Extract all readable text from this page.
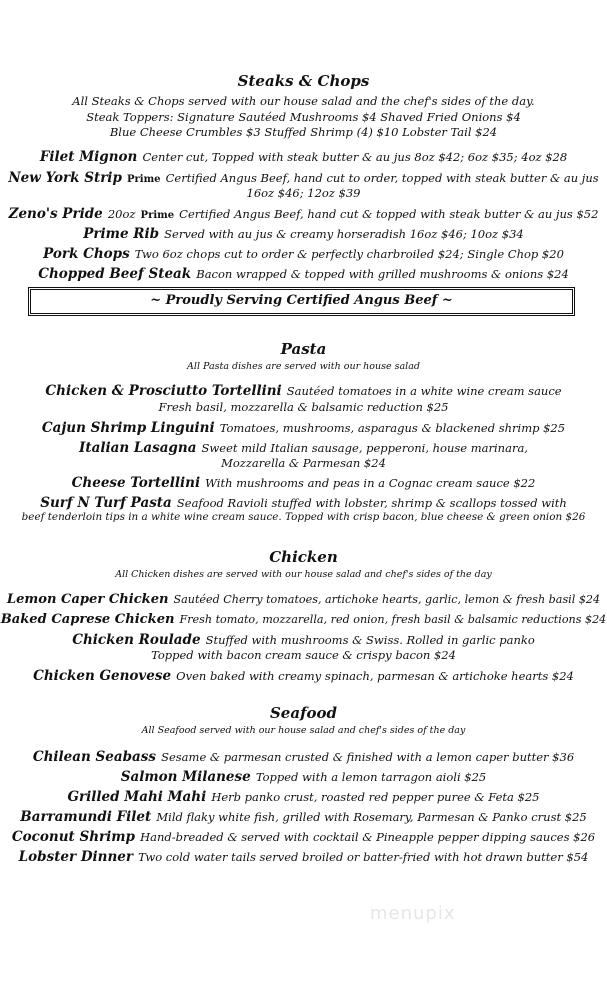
Steaks & Chops
All Steaks & Chops served with our house salad and the chef's sides of the day.
Steak Toppers: Signature Sautéed Mushrooms $4 Shaved Fried Onions $4
Blue Cheese Crumbles $3 Stuffed Shrimp (4) $10 Lobster Tail $24
Filet Mignon Center cut, Topped with steak butter & au jus 8oz $42; 6oz $35; 4oz $28
New York Strip Prime Certified Angus Beef, hand cut to order, topped with steak butter & au jus
16oz $46; 12oz $39
Zeno's Pride 20oz Prime Certified Angus Beef, hand cut & topped with steak butter & au jus $52
Prime Rib Served with au jus & creamy horseradish 16oz $46; 10oz $34
Pork Chops Two 6oz chops cut to order & perfectly charbroiled $24; Single Chop $20
Chopped Beef Steak Bacon wrapped & topped with grilled mushrooms & onions $24
~ Proudly Serving Certified Angus Beef ~
Pasta
All Pasta dishes are served with our house salad
Chicken & Prosciutto Tortellini Sautéed tomatoes in a white wine cream sauce
Fresh basil, mozzarella & balsamic reduction $25
Cajun Shrimp Linguini Tomatoes, mushrooms, asparagus & blackened shrimp $25
Italian Lasagna Sweet mild Italian sausage, pepperoni, house marinara,
Mozzarella & Parmesan $24
Cheese Tortellini With mushrooms and peas in a Cognac cream sauce $22
Surf N Turf Pasta Seafood Ravioli stuffed with lobster, shrimp & scallops tossed with
beef tenderloin tips in a white wine cream sauce. Topped with crisp bacon, blue cheese & green onion $26
Chicken
All Chicken dishes are served with our house salad and chef's sides of the day
Lemon Caper Chicken Sautéed Cherry tomatoes, artichoke hearts, garlic, lemon & fresh basil $24
Baked Caprese Chicken Fresh tomato, mozzarella, red onion, fresh basil & balsamic reductions $24
Chicken Roulade Stuffed with mushrooms & Swiss. Rolled in garlic panko
Topped with bacon cream sauce & crispy bacon $24
Chicken Genovese Oven baked with creamy spinach, parmesan & artichoke hearts $24
Seafood
All Seafood served with our house salad and chef's sides of the day
Chilean Seabass Sesame & parmesan crusted & finished with a lemon caper butter $36
Salmon Milanese Topped with a lemon tarragon aioli $25
Grilled Mahi Mahi Herb panko crust, roasted red pepper puree & Feta $25
Barramundi Filet Mild flaky white fish, grilled with Rosemary, Parmesan & Panko crust $25
Coconut Shrimp Hand-breaded & served with cocktail & Pineapple pepper dipping sauces $26
Lobster Dinner Two cold water tails served broiled or batter-fried with hot drawn butter $54
menupix
